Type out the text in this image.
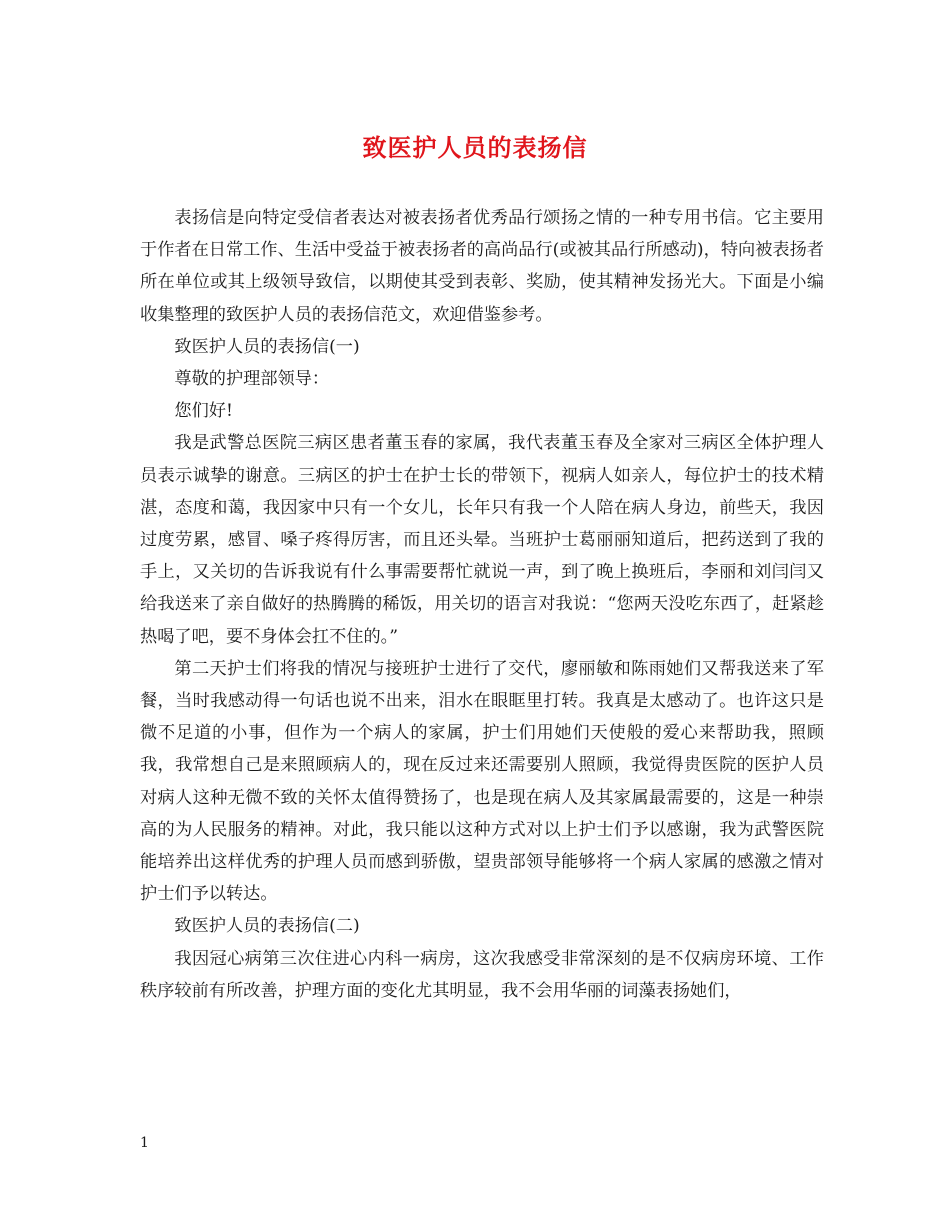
致医护人员的表扬信

表扬信是向特定受信者表达对被表扬者优秀品行颂扬之情的一种专用书信。它主要用于作者在日常工作、生活中受益于被表扬者的高尚品行(或被其品行所感动)，特向被表扬者所在单位或其上级领导致信，以期使其受到表彰、奖励，使其精神发扬光大。下面是小编收集整理的致医护人员的表扬信范文，欢迎借鉴参考。

致医护人员的表扬信(一)

尊敬的护理部领导：

您们好!

我是武警总医院三病区患者董玉春的家属，我代表董玉春及全家对三病区全体护理人员表示诚挚的谢意。三病区的护士在护士长的带领下，视病人如亲人，每位护士的技术精湛，态度和蔼，我因家中只有一个女儿，长年只有我一个人陪在病人身边，前些天，我因过度劳累，感冒、嗓子疼得厉害，而且还头晕。当班护士葛丽丽知道后，把药送到了我的手上，又关切的告诉我说有什么事需要帮忙就说一声，到了晚上换班后，李丽和刘闫闫又给我送来了亲自做好的热腾腾的稀饭，用关切的语言对我说：“您两天没吃东西了，赶紧趁热喝了吧，要不身体会扛不住的。”

第二天护士们将我的情况与接班护士进行了交代，廖丽敏和陈雨她们又帮我送来了军餐，当时我感动得一句话也说不出来，泪水在眼眶里打转。我真是太感动了。也许这只是微不足道的小事，但作为一个病人的家属，护士们用她们天使般的爱心来帮助我，照顾我，我常想自己是来照顾病人的，现在反过来还需要别人照顾，我觉得贵医院的医护人员对病人这种无微不致的关怀太值得赞扬了，也是现在病人及其家属最需要的，这是一种崇高的为人民服务的精神。对此，我只能以这种方式对以上护士们予以感谢，我为武警医院能培养出这样优秀的护理人员而感到骄傲，望贵部领导能够将一个病人家属的感激之情对护士们予以转达。

致医护人员的表扬信(二)

我因冠心病第三次住进心内科一病房，这次我感受非常深刻的是不仅病房环境、工作秩序较前有所改善，护理方面的变化尤其明显，我不会用华丽的词藻表扬她们，

1
